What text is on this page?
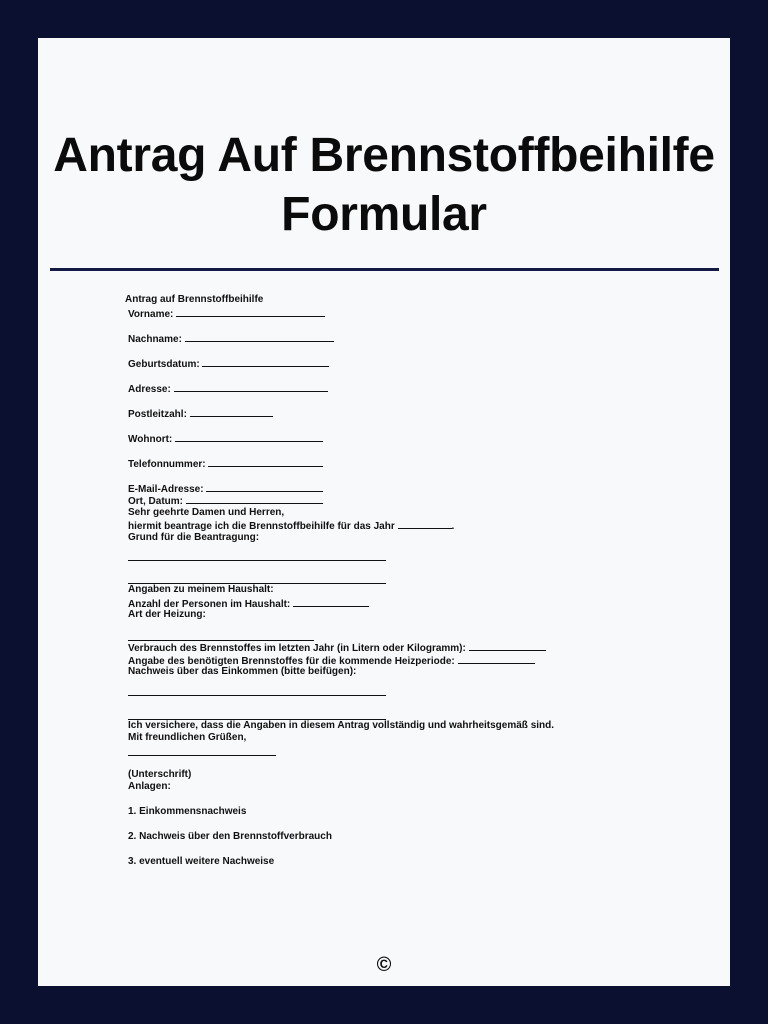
Antrag Auf Brennstoffbeihilfe
Formular
Antrag auf Brennstoffbeihilfe
Vorname:
Nachname:
Geburtsdatum:
Adresse:
Postleitzahl:
Wohnort:
Telefonnummer:
E-Mail-Adresse:
Ort, Datum:
Sehr geehrte Damen und Herren,
hiermit beantrage ich die Brennstoffbeihilfe für das Jahr	.
Grund für die Beantragung:
Angaben zu meinem Haushalt:
Anzahl der Personen im Haushalt:
Art der Heizung:
Verbrauch des Brennstoffes im letzten Jahr (in Litern oder Kilogramm):
Angabe des benötigten Brennstoffes für die kommende Heizperiode:
Nachweis über das Einkommen (bitte beifügen):
Ich versichere, dass die Angaben in diesem Antrag vollständig und wahrheitsgemäß sind.
Mit freundlichen Grüßen,
(Unterschrift)
Anlagen:
1. Einkommensnachweis
2. Nachweis über den Brennstoffverbrauch
3. eventuell weitere Nachweise
©
